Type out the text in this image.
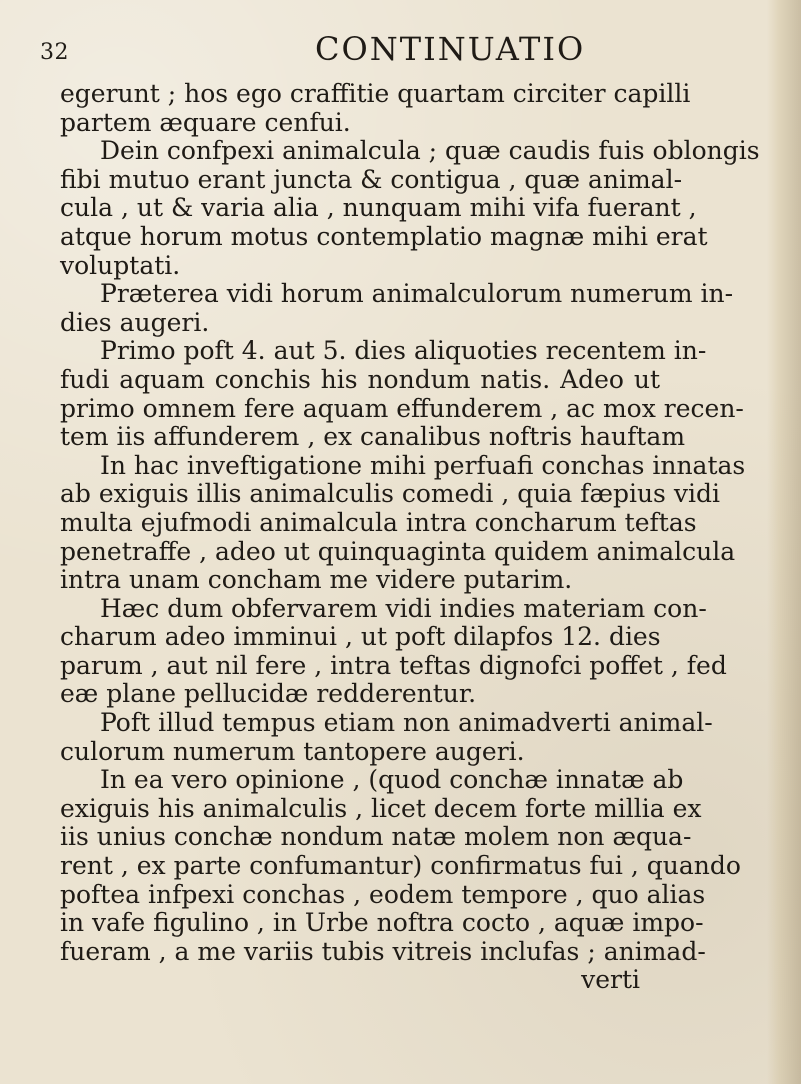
32	CONTINUATIO
egerunt ; hos ego craffitie quartam circiter capilli
partem æquare cenfui.
Dein confpexi animalcula ; quæ caudis fuis oblongis
fibi mutuo erant juncta & contigua , quæ animal-
cula , ut & varia alia , nunquam mihi vifa fuerant ,
atque horum motus contemplatio magnæ mihi erat
voluptati.
Præterea vidi horum animalculorum numerum in-
dies augeri.
Primo poft 4. aut 5. dies aliquoties recentem in-
fudi aquam conchis his nondum natis. Adeo ut
primo omnem fere aquam effunderem , ac mox recen-
tem iis affunderem , ex canalibus noftris hauftam
In hac inveftigatione mihi perfuafi conchas innatas
ab exiguis illis animalculis comedi , quia fæpius vidi
multa ejufmodi animalcula intra concharum teftas
penetraffe , adeo ut quinquaginta quidem animalcula
intra unam concham me videre putarim.
Hæc dum obfervarem vidi indies materiam con-
charum adeo imminui , ut poft dilapfos 12. dies
parum , aut nil fere , intra teftas dignofci poffet , fed
eæ plane pellucidæ redderentur.
Poft illud tempus etiam non animadverti animal-
culorum numerum tantopere augeri.
In ea vero opinione , (quod conchæ innatæ ab
exiguis his animalculis , licet decem forte millia ex
iis unius conchæ nondum natæ molem non æqua-
rent , ex parte confumantur) confirmatus fui , quando
poftea infpexi conchas , eodem tempore , quo alias
in vafe figulino , in Urbe noftra cocto , aquæ impo-
fueram , a me variis tubis vitreis inclufas ; animad-
verti
